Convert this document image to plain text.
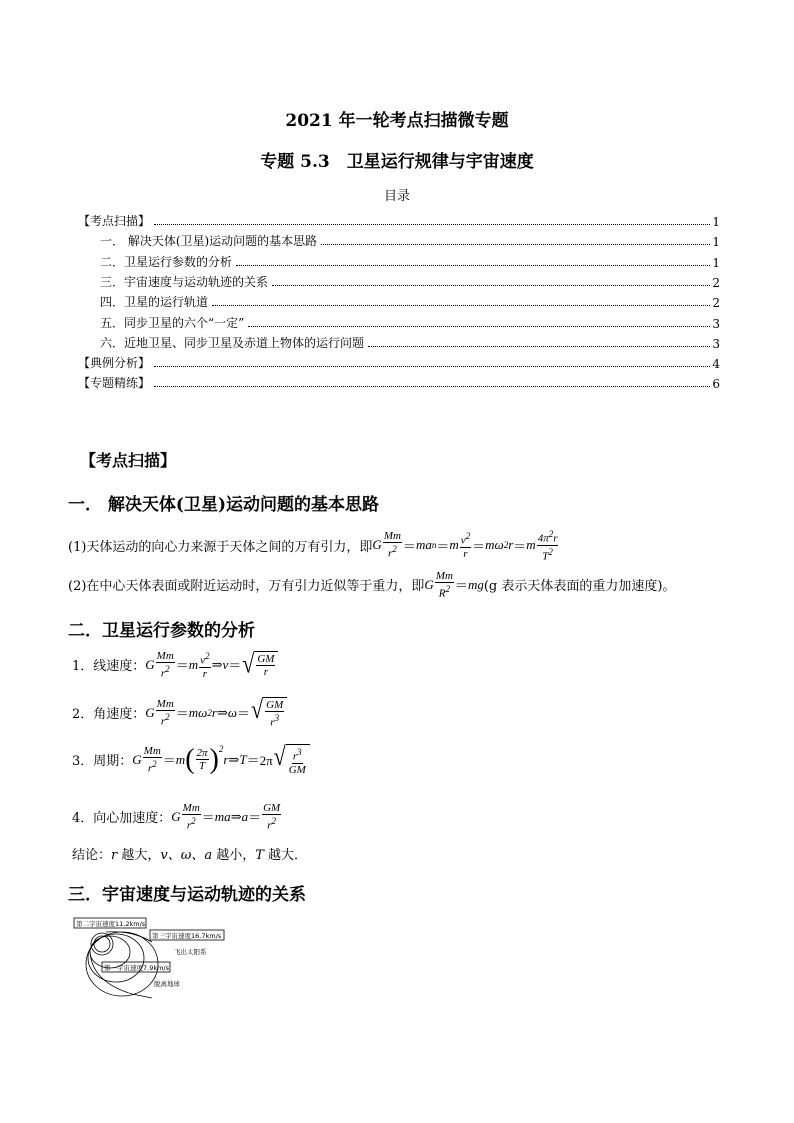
2021 年一轮考点扫描微专题
专题 5.3　卫星运行规律与宇宙速度
目录
【考点扫描】	1
一． 解决天体(卫星)运动问题的基本思路	1
二．卫星运行参数的分析	1
三．宇宙速度与运动轨迹的关系	2
四．卫星的运行轨道	2
五．同步卫星的六个“一定”	3
六．近地卫星、同步卫星及赤道上物体的运行问题	3
【典例分析】	4
【专题精练】	6
【考点扫描】
一． 解决天体(卫星)运动问题的基本思路
(1)天体运动的向心力来源于天体之间的万有引力，即 G $\frac{Mm}{r^2}$ ＝ ma n ＝ m $\frac{v^2}{r} = m\omega$ 2 r ＝ m $\frac{4\pi^2r}{T^2}$
(2)在中心天体表面或附近运动时，万有引力近似等于重力，即 G $\frac{Mm}{R^2}$ ＝ mg (g 表示天体表面的重力加速度)。
二．卫星运行参数的分析
1．线速度： G $\frac{Mm}{r^2} = m \frac{v^2}{r}$ ⇒ v ＝ √ $\frac{GM}{r}$
2．角速度： G $\frac{Mm}{r^2} = m\omega$ 2 r ⇒ ω ＝ √ $\frac{GM}{r^3}$
3．周期： G $\frac{Mm}{r^2} = m$ ( $\frac{2\pi}{T} )^2$
r ⇒ T ＝2π √ $\frac{r^3}{GM}$
4．向心加速度： G $\frac{Mm}{r^2}$ ＝ ma ⇒ $a = \frac{GM}{r^2}$
结论：r 越大，v、ω、a 越小，T 越大．
三．宇宙速度与运动轨迹的关系
第二宇宙速度11.2km/s
第三宇宙速度16.7km/s
飞出太阳系
第一宇宙速度7.9km/s
脱离地球
